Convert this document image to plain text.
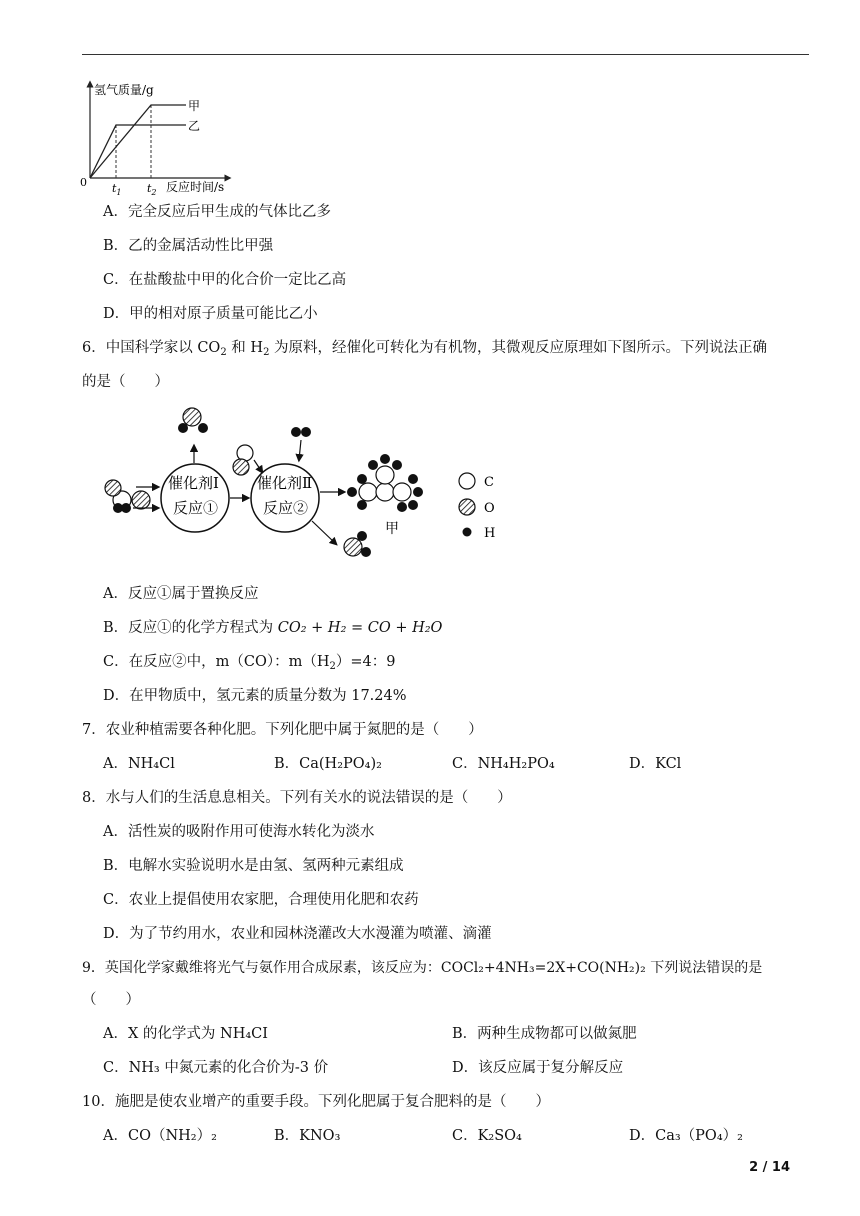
氢气质量/g
0	反应时间/s
$t_1$ $t_2$
甲
乙
A．完全反应后甲生成的气体比乙多
B．乙的金属活动性比甲强
C．在盐酸盐中甲的化合价一定比乙高
D．甲的相对原子质量可能比乙小
6．中国科学家以 $CO_2$ 和 $H_2$ 为原料，经催化可转化为有机物，其微观反应原理如下图所示。下列说法正确
的是（　　）
催化剂Ⅰ
反应①
催化剂Ⅱ
反应②
甲
C
O
H
A．反应①属于置换反应
B．反应①的化学方程式为 CO₂ + H₂ = CO + H₂O
C．在反应②中，m（CO）：$m(H_2)=4$：9
D．在甲物质中，氢元素的质量分数为 17.24%
7．农业种植需要各种化肥。下列化肥中属于氮肥的是（　　）
A．NH₄Cl	B．Ca(H₂PO₄)₂	C．NH₄H₂PO₄	D．KCl
8．水与人们的生活息息相关。下列有关水的说法错误的是（　　）
A．活性炭的吸附作用可使海水转化为淡水
B．电解水实验说明水是由氢、氢两种元素组成
C．农业上提倡使用农家肥，合理使用化肥和农药
D．为了节约用水，农业和园林浇灌改大水漫灌为喷灌、滴灌
9．英国化学家戴维将光气与氨作用合成尿素，该反应为：COCl₂+4NH₃=2X+CO(NH₂)₂ 下列说法错误的是
（　　）
A．X 的化学式为 NH₄CI	B．两种生成物都可以做氮肥
C．NH₃ 中氮元素的化合价为-3 价	D．该反应属于复分解反应
10．施肥是使农业增产的重要手段。下列化肥属于复合肥料的是（　　）
A．CO（NH₂）₂	B．KNO₃	C．K₂SO₄	D．Ca₃（PO₄）₂
2 / 14
